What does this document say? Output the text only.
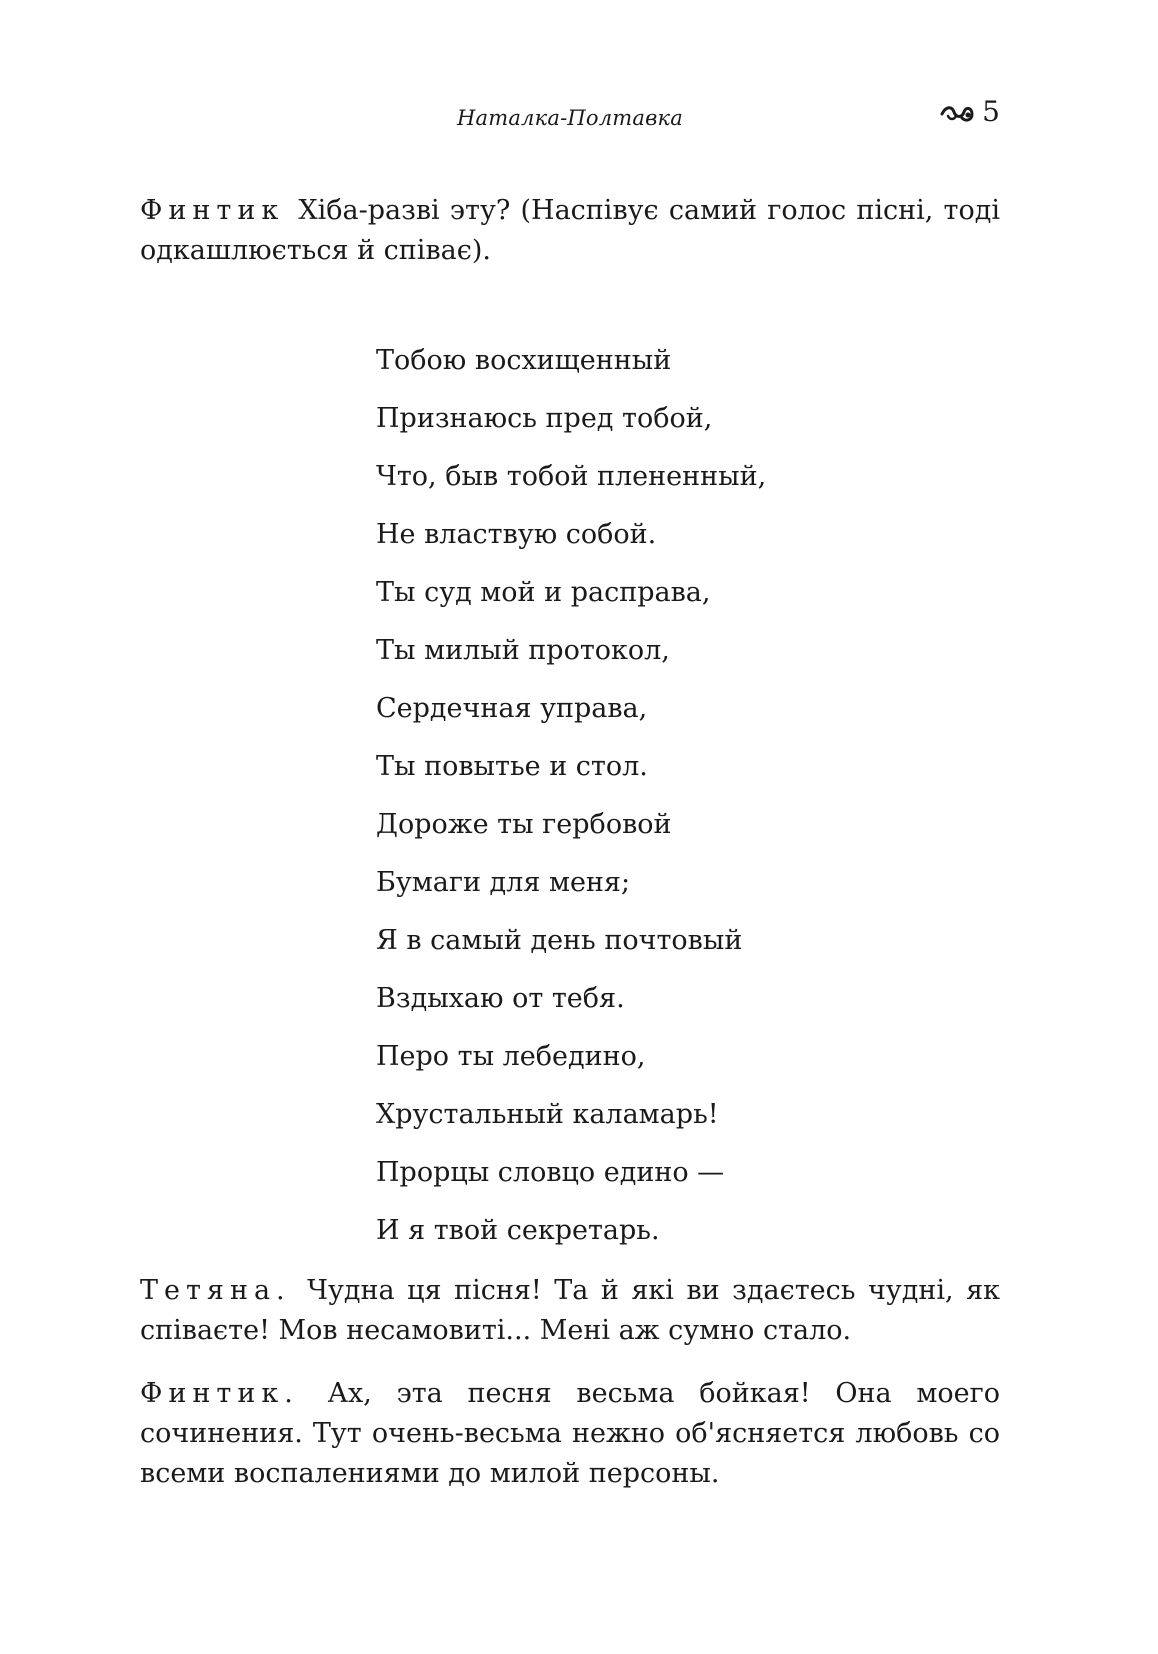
Наталка-Полтавка	5
Финтик Хіба-разві эту? (Наспівує самий голос пісні, тоді одкашлюється й співає).
Тобою восхищенный
Признаюсь пред тобой,
Что, быв тобой плененный,
Не властвую собой.
Ты суд мой и расправа,
Ты милый протокол,
Сердечная управа,
Ты повытье и стол.
Дороже ты гербовой
Бумаги для меня;
Я в самый день почтовый
Вздыхаю от тебя.
Перо ты лебедино,
Хрустальный каламарь!
Прорцы словцо едино —
И я твой секретарь.
Тетяна. Чудна ця пісня! Та й які ви здаєтесь чудні, як співаєте! Мов несамовиті... Мені аж сумно стало.
Финтик. Ах, эта песня весьма бойкая! Она моего сочинения. Тут очень-весьма нежно об'ясняется любовь со всеми воспалениями до милой персоны.
